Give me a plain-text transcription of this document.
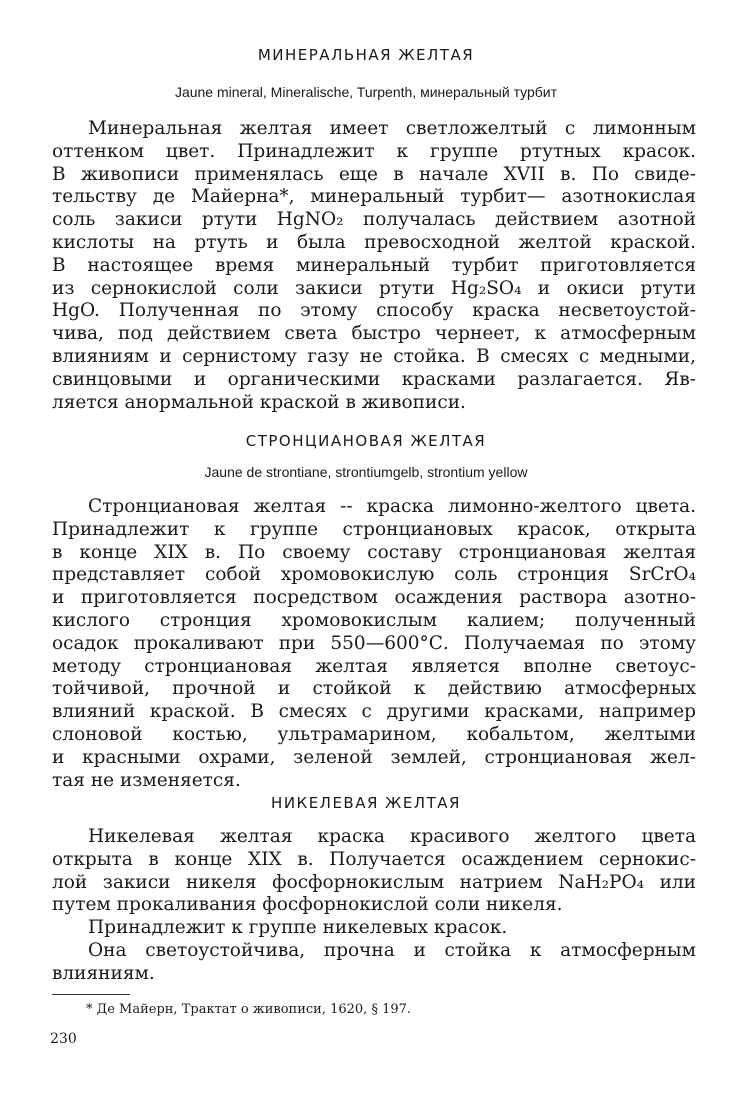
МИНЕРАЛЬНАЯ ЖЕЛТАЯ
Jaune mineral, Mineralische, Turpenth, минеральный турбит
Минеральная желтая имеет светложелтый с лимонным
оттенком цвет. Принадлежит к группе ртутных красок.
В живописи применялась еще в начале XVII в. По свиде-
тельству де Майерна*, минеральный турбит— азотнокислая
соль закиси ртути HgNO₂ получалась действием азотной
кислоты на ртуть и была превосходной желтой краской.
В настоящее время минеральный турбит приготовляется
из сернокислой соли закиси ртути Hg₂SO₄ и окиси ртути
HgO. Полученная по этому способу краска несветоустой-
чива, под действием света быстро чернеет, к атмосферным
влияниям и сернистому газу не стойка. В смесях с медными,
свинцовыми и органическими красками разлагается. Яв-
ляется анормальной краской в живописи.
СТРОНЦИАНОВАЯ ЖЕЛТАЯ
Jaune de strontiane, strontiumgelb, strontium yellow
Стронциановая желтая -- краска лимонно-желтого цвета.
Принадлежит к группе стронциановых красок, открыта
в конце XIX в. По своему составу стронциановая желтая
представляет собой хромовокислую соль стронция SrCrO₄
и приготовляется посредством осаждения раствора азотно-
кислого стронция хромовокислым калием; полученный
осадок прокаливают при 550—600°С. Получаемая по этому
методу стронциановая желтая является вполне светоус-
тойчивой, прочной и стойкой к действию атмосферных
влияний краской. В смесях с другими красками, например
слоновой костью, ультрамарином, кобальтом, желтыми
и красными охрами, зеленой землей, стронциановая жел-
тая не изменяется.
НИКЕЛЕВАЯ ЖЕЛТАЯ
Никелевая желтая краска красивого желтого цвета
открыта в конце XIX в. Получается осаждением сернокис-
лой закиси никеля фосфорнокислым натрием NaH₂PO₄ или
путем прокаливания фосфорнокислой соли никеля.
Принадлежит к группе никелевых красок.
Она светоустойчива, прочна и стойка к атмосферным
влияниям.
* Де Майерн, Трактат о живописи, 1620, § 197.
230
